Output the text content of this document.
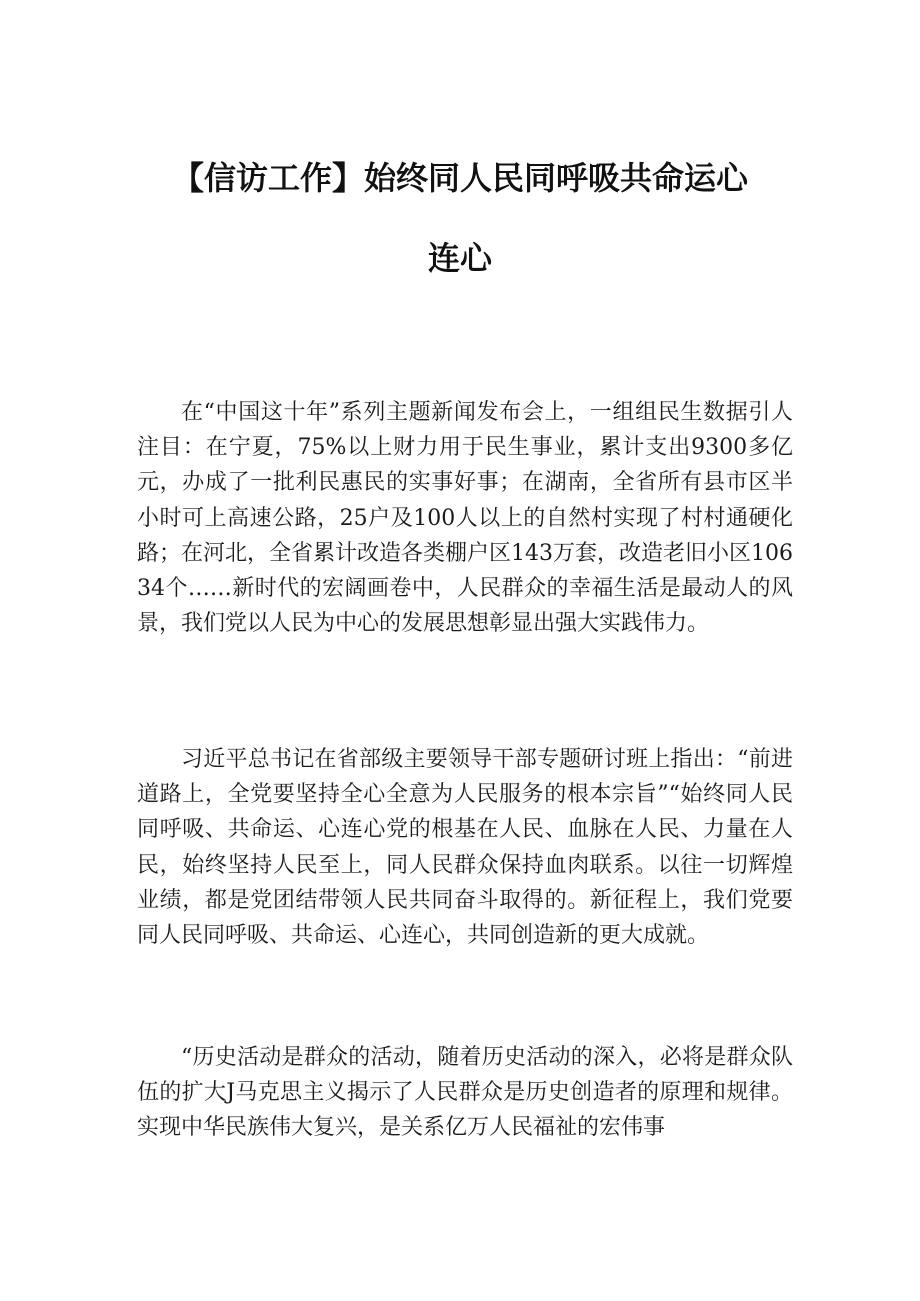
【信访工作】始终同人民同呼吸共命运心
连心

在“中国这十年”系列主题新闻发布会上，一组组民生数据引人注目：在宁夏，75%以上财力用于民生事业，累计支出9300多亿元，办成了一批利民惠民的实事好事；在湖南，全省所有县市区半小时可上高速公路，25户及100人以上的自然村实现了村村通硬化路；在河北，全省累计改造各类棚户区143万套，改造老旧小区10634个……新时代的宏阔画卷中，人民群众的幸福生活是最动人的风景，我们党以人民为中心的发展思想彰显出强大实践伟力。

习近平总书记在省部级主要领导干部专题研讨班上指出：“前进道路上，全党要坚持全心全意为人民服务的根本宗旨”“始终同人民同呼吸、共命运、心连心党的根基在人民、血脉在人民、力量在人民，始终坚持人民至上，同人民群众保持血肉联系。以往一切辉煌业绩，都是党团结带领人民共同奋斗取得的。新征程上，我们党要同人民同呼吸、共命运、心连心，共同创造新的更大成就。

“历史活动是群众的活动，随着历史活动的深入，必将是群众队伍的扩大J马克思主义揭示了人民群众是历史创造者的原理和规律。实现中华民族伟大复兴，是关系亿万人民福祉的宏伟事
